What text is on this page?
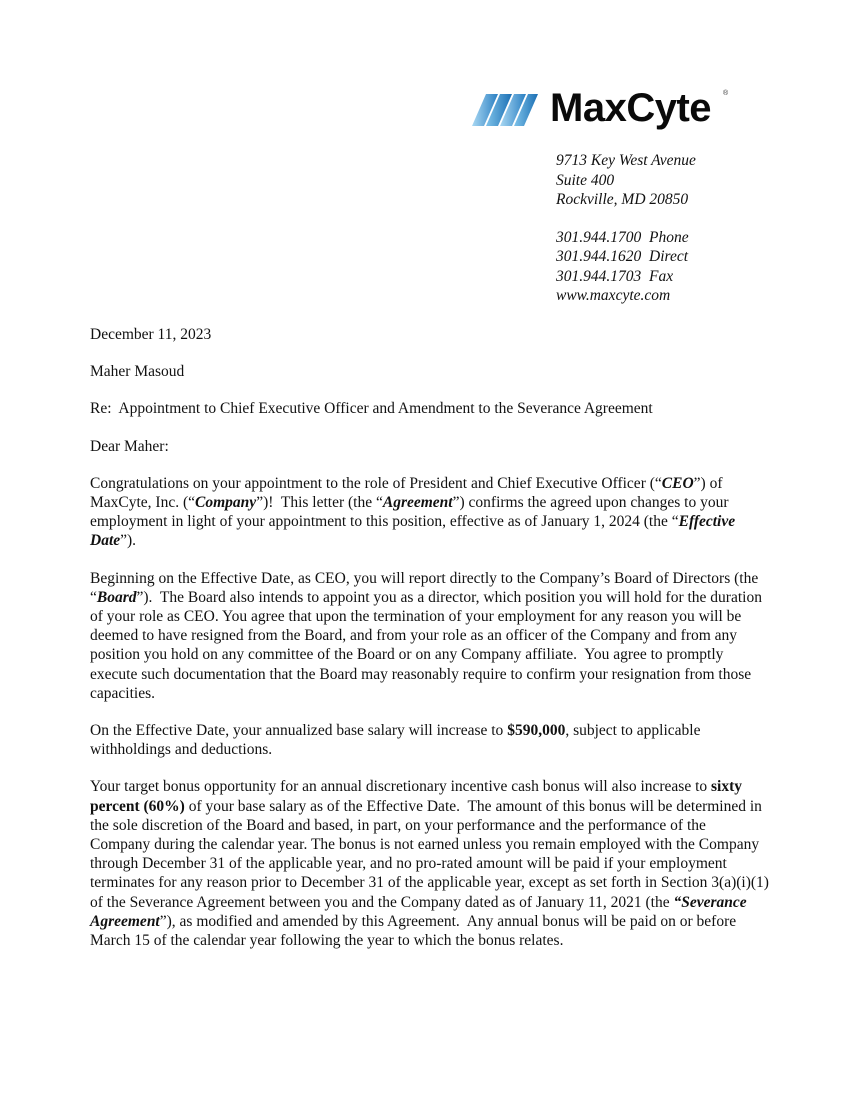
MaxCyte ®
9713 Key West Avenue
Suite 400
Rockville, MD 20850
301.944.1700  Phone
301.944.1620  Direct
301.944.1703  Fax
www.maxcyte.com

December 11, 2023

Maher Masoud

Re:  Appointment to Chief Executive Officer and Amendment to the Severance Agreement

Dear Maher:

Congratulations on your appointment to the role of President and Chief Executive Officer (“CEO”) of MaxCyte, Inc. (“Company”)!  This letter (the “Agreement”) confirms the agreed upon changes to your employment in light of your appointment to this position, effective as of January 1, 2024 (the “Effective Date”).

Beginning on the Effective Date, as CEO, you will report directly to the Company’s Board of Directors (the “Board”).  The Board also intends to appoint you as a director, which position you will hold for the duration of your role as CEO. You agree that upon the termination of your employment for any reason you will be deemed to have resigned from the Board, and from your role as an officer of the Company and from any position you hold on any committee of the Board or on any Company affiliate.  You agree to promptly execute such documentation that the Board may reasonably require to confirm your resignation from those capacities.

On the Effective Date, your annualized base salary will increase to $590,000, subject to applicable withholdings and deductions.

Your target bonus opportunity for an annual discretionary incentive cash bonus will also increase to sixty percent (60%) of your base salary as of the Effective Date.  The amount of this bonus will be determined in the sole discretion of the Board and based, in part, on your performance and the performance of the Company during the calendar year. The bonus is not earned unless you remain employed with the Company through December 31 of the applicable year, and no pro-rated amount will be paid if your employment terminates for any reason prior to December 31 of the applicable year, except as set forth in Section 3(a)(i)(1) of the Severance Agreement between you and the Company dated as of January 11, 2021 (the “Severance Agreement”), as modified and amended by this Agreement.  Any annual bonus will be paid on or before March 15 of the calendar year following the year to which the bonus relates.
